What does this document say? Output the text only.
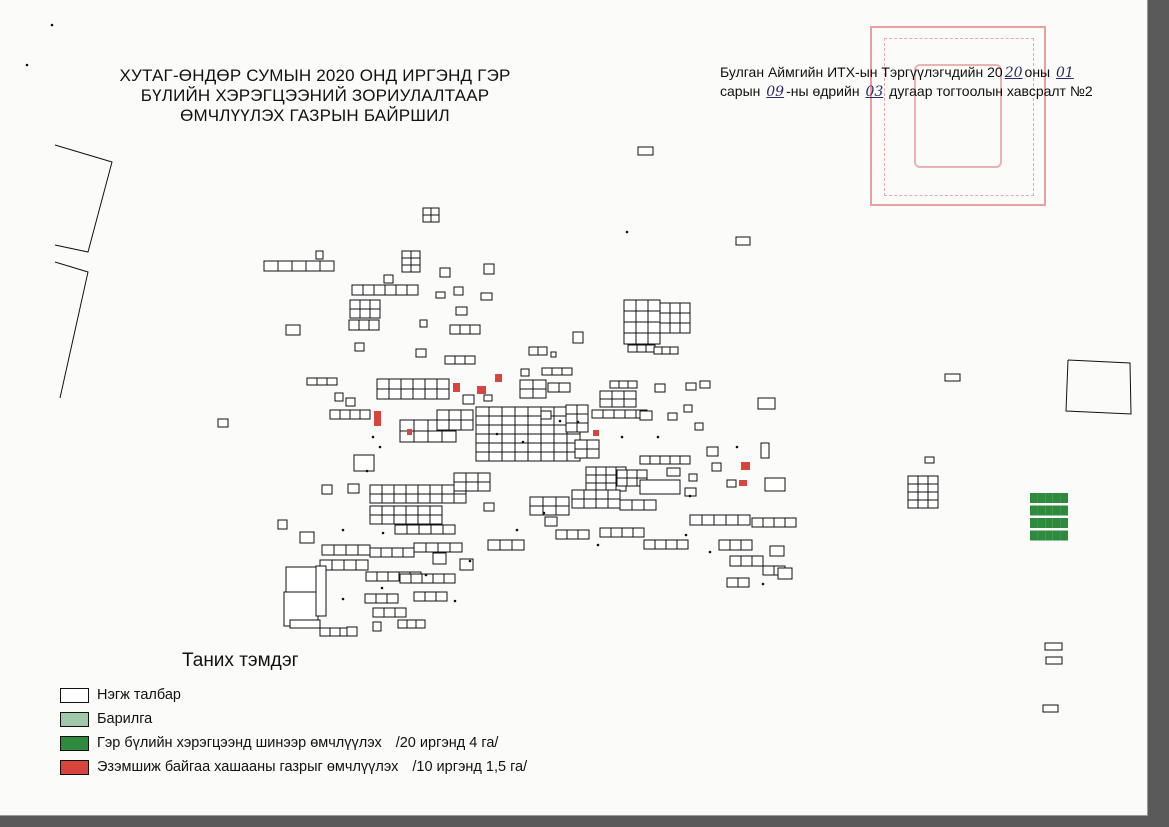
ХУТАГ-ӨНДӨР СУМЫН 2020 ОНД ИРГЭНД ГЭР
БҮЛИЙН ХЭРЭГЦЭЭНИЙ ЗОРИУЛАЛТААР
ӨМЧЛҮҮЛЭХ ГАЗРЫН БАЙРШИЛ
Булган Аймгийн ИТХ-ын Тэргүүлэгчдийн 20 20 оны 01
сарын 09 -ны өдрийн 03 дугаар тогтоолын хавсралт №2
Таних тэмдэг
Нэгж талбар
Барилга
Гэр бүлийн хэрэгцээнд шинээр өмчлүүлэх /20 иргэнд 4 га/
Эзэмшиж байгаа хашааны газрыг өмчлүүлэх /10 иргэнд 1,5 га/
